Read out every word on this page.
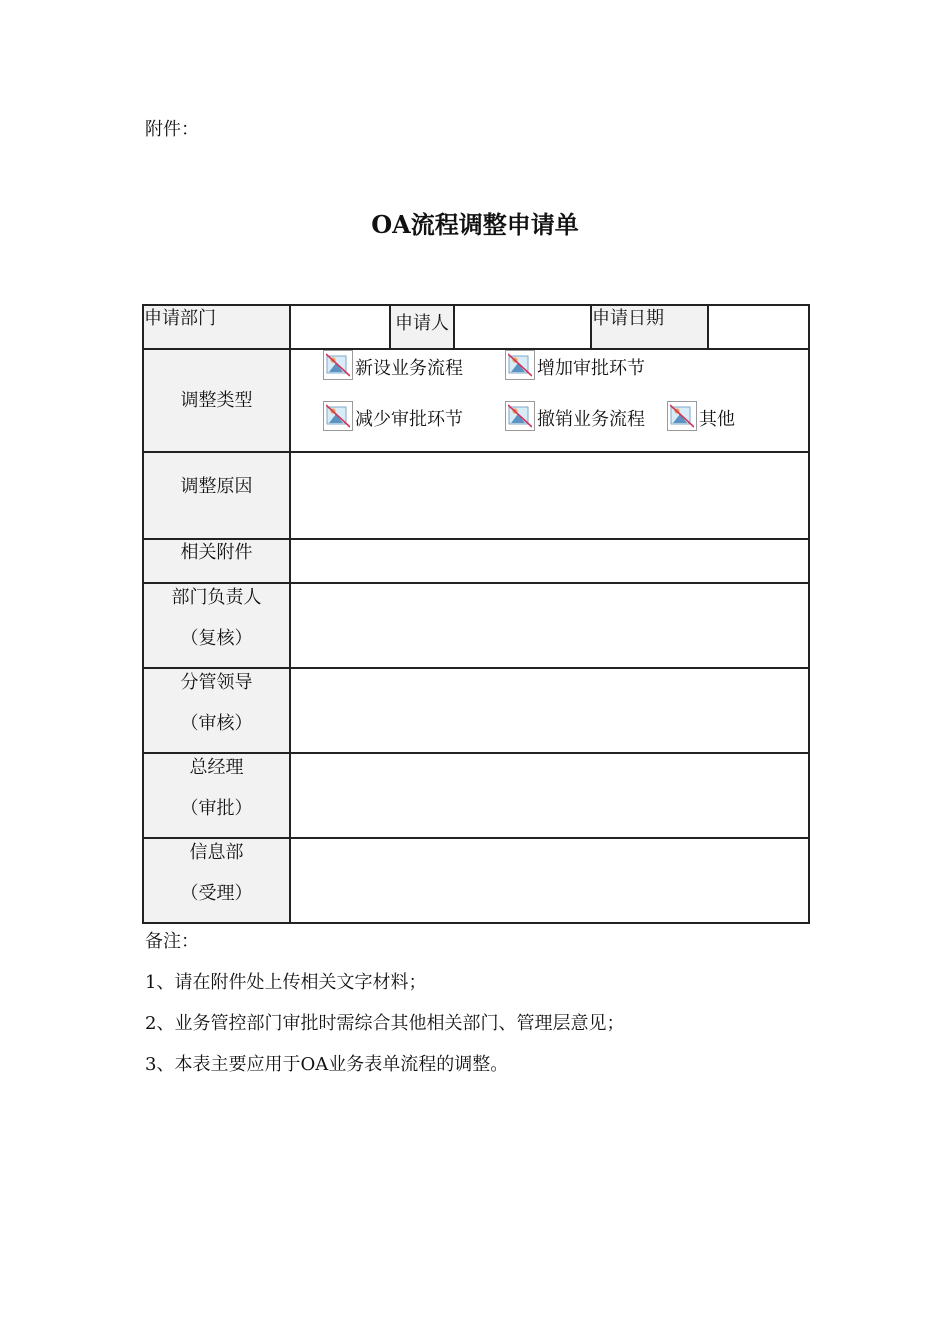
附件：
OA流程调整申请单
申请部门		申请人		申请日期	

调整类型	新设业务流程 增加审批环节
减少审批环节 撤销业务流程 其他				

调整原因					

相关附件					

部门负责人
（复核）					

分管领导
（审核）					

总经理
（审批）					

信息部
（受理）					

备注：
1、请在附件处上传相关文字材料；
2、业务管控部门审批时需综合其他相关部门、管理层意见；
3、本表主要应用于OA业务表单流程的调整。
